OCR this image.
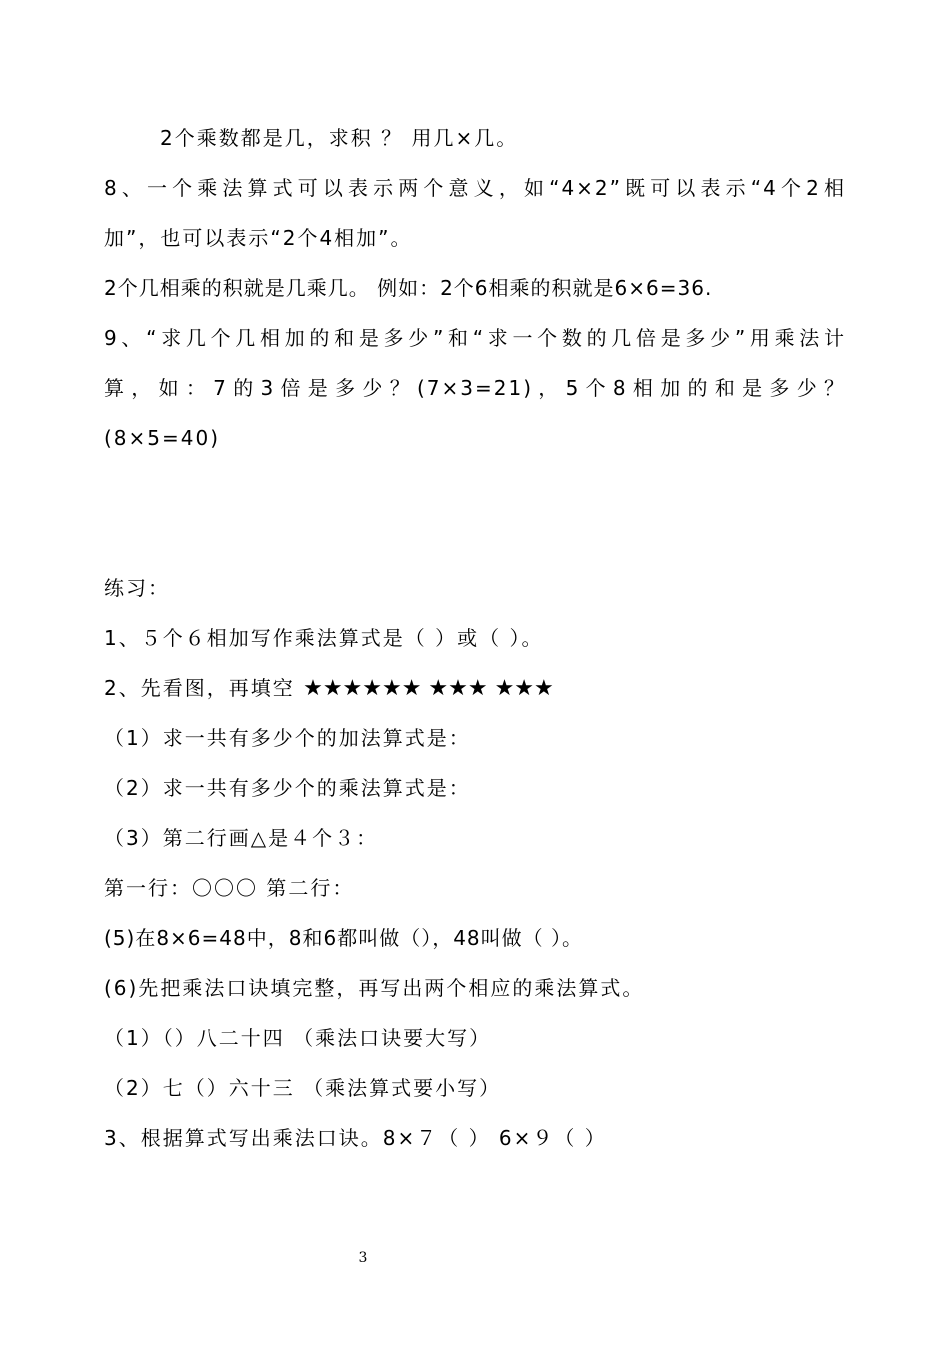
2个乘数都是几，求积 ？ 用几×几。
8、一个乘法算式可以表示两个意义，如“4×2”既可以表示“4个2相
加”，也可以表示“2个4相加”。
2个几相乘的积就是几乘几。 例如：2个6相乘的积就是6×6=36.
9、“求几个几相加的和是多少”和“求一个数的几倍是多少”用乘法计
算，如：7的3倍是多少？(7×3=21)，5个8相加的和是多少？
(8×5=40)
练习：
1、５个６相加写作乘法算式是（ ）或（ ）。
2、先看图，再填空 ★★★★★★ ★★★ ★★★
（1）求一共有多少个的加法算式是：
（2）求一共有多少个的乘法算式是：
（3）第二行画△是４个３：
第一行：〇〇〇 第二行：
(5)在8×6=48中，8和6都叫做（），48叫做（ ）。
(6)先把乘法口诀填完整，再写出两个相应的乘法算式。
（1）（）八二十四 （乘法口诀要大写）
（2）七（）六十三 （乘法算式要小写）
3、根据算式写出乘法口诀。8×７（ ） 6×９（ ）
3
